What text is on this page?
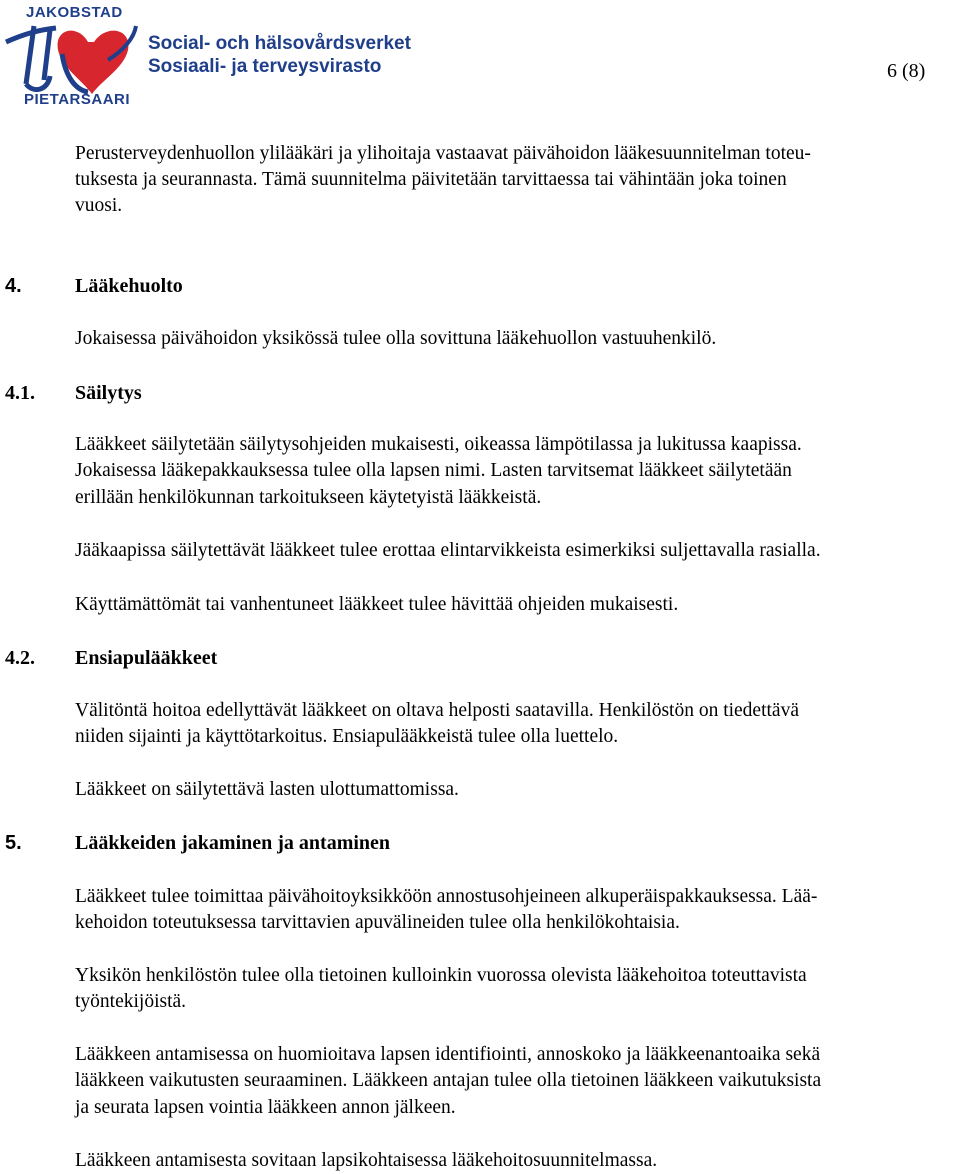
JAKOBSTAD
PIETARSAARI
Social- och hälsovårdsverket
Sosiaali- ja terveysvirasto	6 (8)
Perusterveydenhuollon ylilääkäri ja ylihoitaja vastaavat päivähoidon lääkesuunnitelman toteu-
tuksesta ja seurannasta. Tämä suunnitelma päivitetään tarvittaessa tai vähintään joka toinen
vuosi.
4.	Lääkehuolto
Jokaisessa päivähoidon yksikössä tulee olla sovittuna lääkehuollon vastuuhenkilö.
4.1. Säilytys
Lääkkeet säilytetään säilytysohjeiden mukaisesti, oikeassa lämpötilassa ja lukitussa kaapissa.
Jokaisessa lääkepakkauksessa tulee olla lapsen nimi. Lasten tarvitsemat lääkkeet säilytetään
erillään henkilökunnan tarkoitukseen käytetyistä lääkkeistä.
Jääkaapissa säilytettävät lääkkeet tulee erottaa elintarvikkeista esimerkiksi suljettavalla rasialla.
Käyttämättömät tai vanhentuneet lääkkeet tulee hävittää ohjeiden mukaisesti.
4.2. Ensiapulääkkeet
Välitöntä hoitoa edellyttävät lääkkeet on oltava helposti saatavilla. Henkilöstön on tiedettävä
niiden sijainti ja käyttötarkoitus. Ensiapulääkkeistä tulee olla luettelo.
Lääkkeet on säilytettävä lasten ulottumattomissa.
5.	Lääkkeiden jakaminen ja antaminen
Lääkkeet tulee toimittaa päivähoitoyksikköön annostusohjeineen alkuperäispakkauksessa. Lää-
kehoidon toteutuksessa tarvittavien apuvälineiden tulee olla henkilökohtaisia.
Yksikön henkilöstön tulee olla tietoinen kulloinkin vuorossa olevista lääkehoitoa toteuttavista
työntekijöistä.
Lääkkeen antamisessa on huomioitava lapsen identifiointi, annoskoko ja lääkkeenantoaika sekä
lääkkeen vaikutusten seuraaminen. Lääkkeen antajan tulee olla tietoinen lääkkeen vaikutuksista
ja seurata lapsen vointia lääkkeen annon jälkeen.
Lääkkeen antamisesta sovitaan lapsikohtaisessa lääkehoitosuunnitelmassa.
